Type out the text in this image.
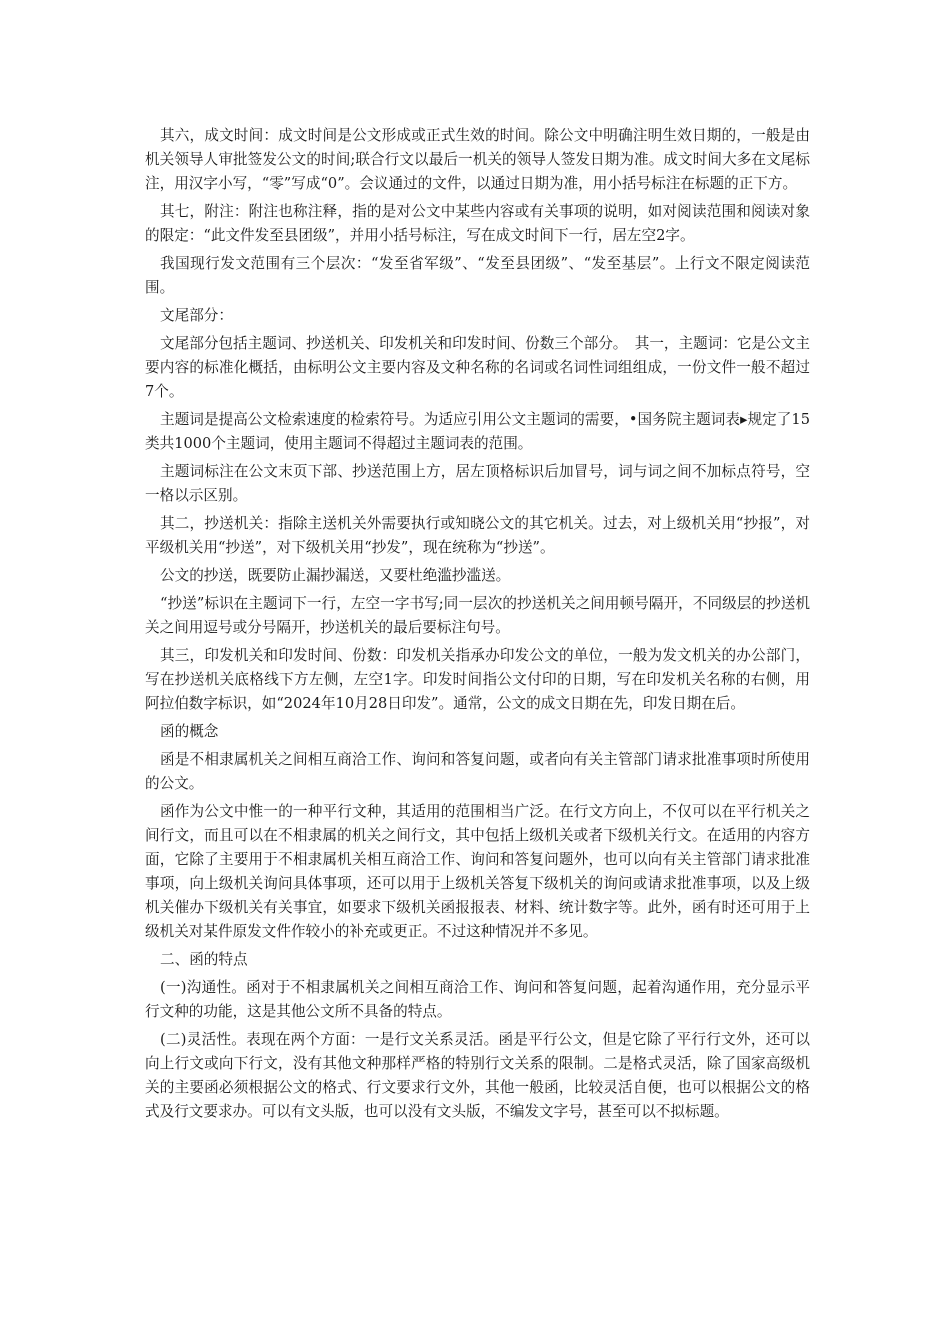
其六，成文时间：成文时间是公文形成或正式生效的时间。除公文中明确注明生效日期的，一般是由机关领导人审批签发公文的时间;联合行文以最后一机关的领导人签发日期为准。成文时间大多在文尾标注，用汉字小写，“零”写成“0”。会议通过的文件，以通过日期为准，用小括号标注在标题的正下方。

其七，附注：附注也称注释，指的是对公文中某些内容或有关事项的说明，如对阅读范围和阅读对象的限定：“此文件发至县团级”，并用小括号标注，写在成文时间下一行，居左空2字。

我国现行发文范围有三个层次：“发至省军级”、“发至县团级”、“发至基层”。上行文不限定阅读范围。

文尾部分：

文尾部分包括主题词、抄送机关、印发机关和印发时间、份数三个部分。　其一，主题词：它是公文主要内容的标准化概括，由标明公文主要内容及文种名称的名词或名词性词组组成，一份文件一般不超过7个。

主题词是提高公文检索速度的检索符号。为适应引用公文主题词的需要，•国务院主题词表▸规定了15类共1000个主题词，使用主题词不得超过主题词表的范围。

主题词标注在公文末页下部、抄送范围上方，居左顶格标识后加冒号，词与词之间不加标点符号，空一格以示区别。

其二，抄送机关：指除主送机关外需要执行或知晓公文的其它机关。过去，对上级机关用“抄报”，对平级机关用“抄送”，对下级机关用“抄发”，现在统称为“抄送”。

公文的抄送，既要防止漏抄漏送，又要杜绝滥抄滥送。

“抄送”标识在主题词下一行，左空一字书写;同一层次的抄送机关之间用顿号隔开，不同级层的抄送机关之间用逗号或分号隔开，抄送机关的最后要标注句号。

其三，印发机关和印发时间、份数：印发机关指承办印发公文的单位，一般为发文机关的办公部门，写在抄送机关底格线下方左侧，左空1字。印发时间指公文付印的日期，写在印发机关名称的右侧，用阿拉伯数字标识，如“2024年10月28日印发”。通常，公文的成文日期在先，印发日期在后。

函的概念

函是不相隶属机关之间相互商洽工作、询问和答复问题，或者向有关主管部门请求批准事项时所使用的公文。

函作为公文中惟一的一种平行文种，其适用的范围相当广泛。在行文方向上，不仅可以在平行机关之间行文，而且可以在不相隶属的机关之间行文，其中包括上级机关或者下级机关行文。在适用的内容方面，它除了主要用于不相隶属机关相互商洽工作、询问和答复问题外，也可以向有关主管部门请求批准事项，向上级机关询问具体事项，还可以用于上级机关答复下级机关的询问或请求批准事项，以及上级机关催办下级机关有关事宜，如要求下级机关函报报表、材料、统计数字等。此外，函有时还可用于上级机关对某件原发文件作较小的补充或更正。不过这种情况并不多见。

二、函的特点

(一)沟通性。函对于不相隶属机关之间相互商洽工作、询问和答复问题，起着沟通作用，充分显示平行文种的功能，这是其他公文所不具备的特点。

(二)灵活性。表现在两个方面：一是行文关系灵活。函是平行公文，但是它除了平行行文外，还可以向上行文或向下行文，没有其他文种那样严格的特别行文关系的限制。二是格式灵活，除了国家高级机关的主要函必须根据公文的格式、行文要求行文外，其他一般函，比较灵活自便，也可以根据公文的格式及行文要求办。可以有文头版，也可以没有文头版，不编发文字号，甚至可以不拟标题。
